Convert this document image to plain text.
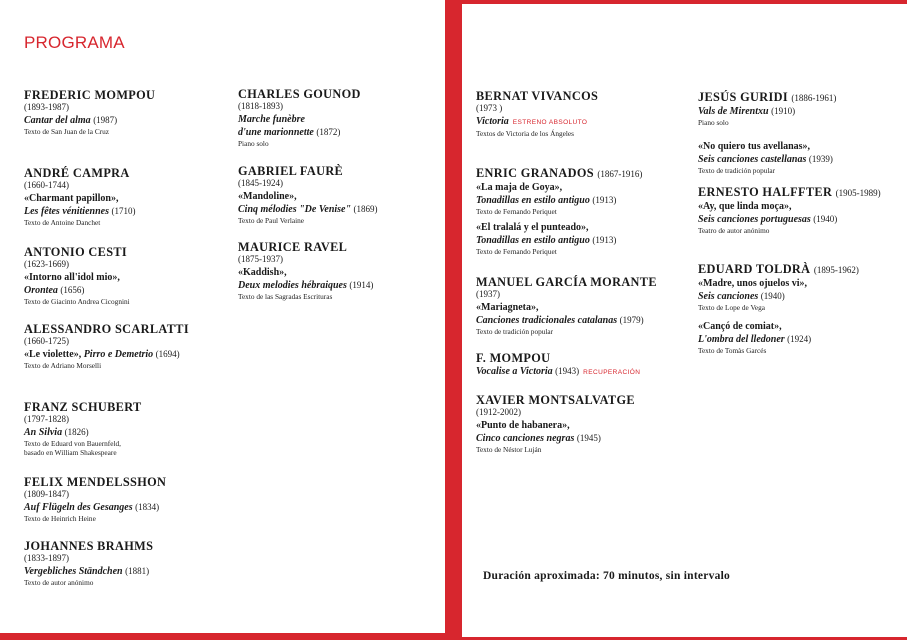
PROGRAMA
FREDERIC MOMPOU
(1893-1987)
Cantar del alma (1987)
Texto de San Juan de la Cruz
ANDRÉ CAMPRA
(1660-1744)
«Charmant papillon»,
Les fêtes vénitiennes (1710)
Texto de Antoine Danchet
ANTONIO CESTI
(1623-1669)
«Intorno all'idol mio»,
Orontea (1656)
Texto de Giacinto Andrea Cicognini
ALESSANDRO SCARLATTI
(1660-1725)
«Le violette», Pirro e Demetrio (1694)
Texto de Adriano Morselli
FRANZ SCHUBERT
(1797-1828)
An Silvia (1826)
Texto de Eduard von Bauernfeld,
basado en William Shakespeare
FELIX MENDELSSHON
(1809-1847)
Auf Flügeln des Gesanges (1834)
Texto de Heinrich Heine
JOHANNES BRAHMS
(1833-1897)
Vergebliches Ständchen (1881)
Texto de autor anónimo
CHARLES GOUNOD
(1818-1893)
Marche funèbre
d'une marionnette (1872)
Piano solo
GABRIEL FAURÈ
(1845-1924)
«Mandoline»,
Cinq mélodies "De Venise" (1869)
Texto de Paul Verlaine
MAURICE RAVEL
(1875-1937)
«Kaddish»,
Deux melodies hébraiques (1914)
Texto de las Sagradas Escrituras
BERNAT VIVANCOS
(1973 )
Victoria ESTRENO ABSOLUTO
Textos de Victoria de los Ángeles
ENRIC GRANADOS (1867-1916)
«La maja de Goya»,
Tonadillas en estilo antiguo (1913)
Texto de Fernando Periquet
«El tralalá y el punteado»,
Tonadillas en estilo antiguo (1913)
Texto de Fernando Periquet
MANUEL GARCÍA MORANTE
(1937)
«Mariagneta»,
Canciones tradicionales catalanas (1979)
Texto de tradición popular
F. MOMPOU
Vocalise a Victoria (1943) RECUPERACIÓN
XAVIER MONTSALVATGE
(1912-2002)
«Punto de habanera»,
Cinco canciones negras (1945)
Texto de Néstor Luján
JESÚS GURIDI (1886-1961)
Vals de Mirentxu (1910)
Piano solo
«No quiero tus avellanas»,
Seis canciones castellanas (1939)
Texto de tradición popular
ERNESTO HALFFTER (1905-1989)
«Ay, que linda moça»,
Seis canciones portuguesas (1940)
Teatro de autor anónimo
EDUARD TOLDRÀ (1895-1962)
«Madre, unos ojuelos vi»,
Seis canciones (1940)
Texto de Lope de Vega
«Cançó de comiat»,
L'ombra del lledoner (1924)
Texto de Tomàs Garcés
Duración aproximada: 70 minutos, sin intervalo
